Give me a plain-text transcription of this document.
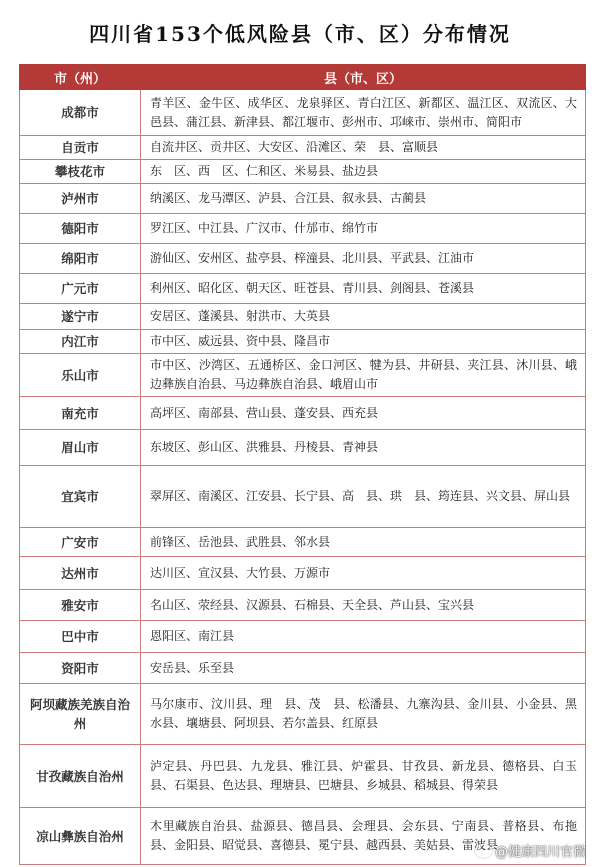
四川省153个低风险县（市、区）分布情况
市（州）	县（市、区）
成都市	青羊区、金牛区、成华区、龙泉驿区、青白江区、新都区、温江区、双流区、大邑县、蒲江县、新津县、都江堰市、彭州市、邛崃市、崇州市、简阳市
自贡市	自流井区、贡井区、大安区、沿滩区、荣　县、富顺县
攀枝花市	东　区、西　区、仁和区、米易县、盐边县
泸州市	纳溪区、龙马潭区、泸县、合江县、叙永县、古蔺县
德阳市	罗江区、中江县、广汉市、什邡市、绵竹市
绵阳市	游仙区、安州区、盐亭县、梓潼县、北川县、平武县、江油市
广元市	利州区、昭化区、朝天区、旺苍县、青川县、剑阁县、苍溪县
遂宁市	安居区、蓬溪县、射洪市、大英县
内江市	市中区、威远县、资中县、隆昌市
乐山市	市中区、沙湾区、五通桥区、金口河区、犍为县、井研县、夹江县、沐川县、峨边彝族自治县、马边彝族自治县、峨眉山市
南充市	高坪区、南部县、营山县、蓬安县、西充县
眉山市	东坡区、彭山区、洪雅县、丹棱县、青神县
宜宾市	翠屏区、南溪区、江安县、长宁县、高　县、珙　县、筠连县、兴文县、屏山县
广安市	前锋区、岳池县、武胜县、邻水县
达州市	达川区、宣汉县、大竹县、万源市
雅安市	名山区、荥经县、汉源县、石棉县、天全县、芦山县、宝兴县
巴中市	恩阳区、南江县
资阳市	安岳县、乐至县
阿坝藏族羌族自治州	马尔康市、汶川县、理　县、茂　县、松潘县、九寨沟县、金川县、小金县、黑水县、壤塘县、阿坝县、若尔盖县、红原县
甘孜藏族自治州	泸定县、丹巴县、九龙县、雅江县、炉霍县、甘孜县、新龙县、德格县、白玉县、石渠县、色达县、理塘县、巴塘县、乡城县、稻城县、得荣县
凉山彝族自治州	木里藏族自治县、盐源县、德昌县、会理县、会东县、宁南县、普格县、布拖县、金阳县、昭觉县、喜德县、冕宁县、越西县、美姑县、雷波县
@健康四川官微
